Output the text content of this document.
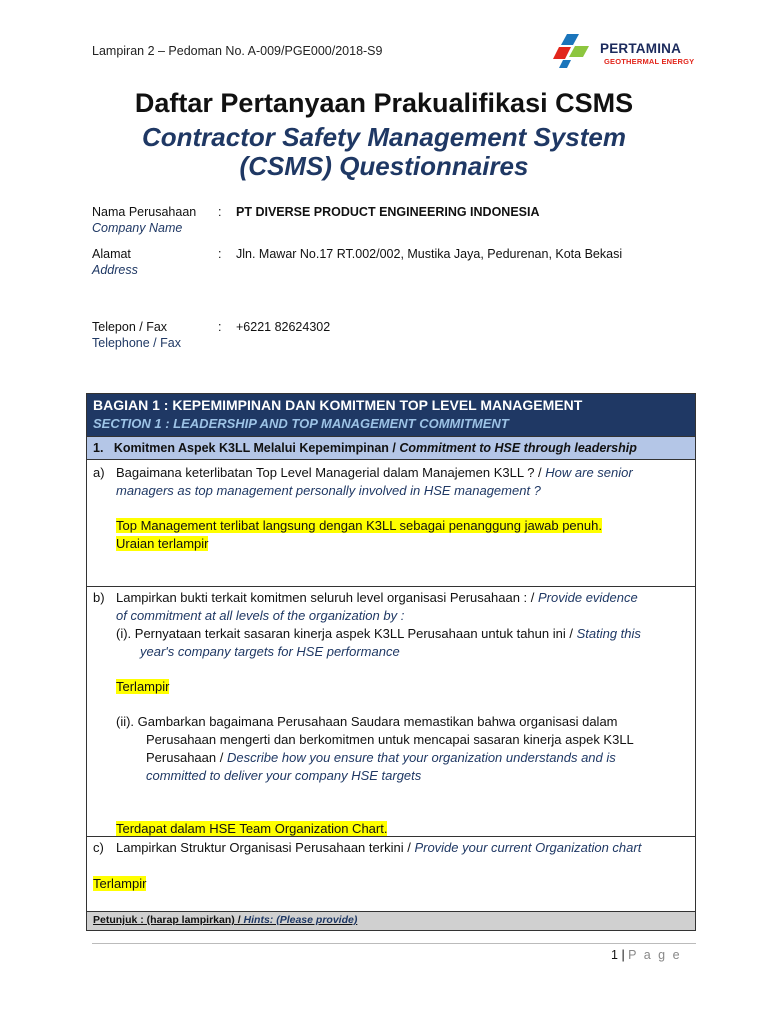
Lampiran 2 – Pedoman No. A-009/PGE000/2018-S9	PERTAMINA
GEOTHERMAL ENERGY
Daftar Pertanyaan Prakualifikasi CSMS
Contractor Safety Management System
(CSMS) Questionnaires
Nama Perusahaan
Company Name
: PT DIVERSE PRODUCT ENGINEERING INDONESIA
Alamat
Address
: Jln. Mawar No.17 RT.002/002, Mustika Jaya, Pedurenan, Kota Bekasi
Telepon / Fax
Telephone / Fax
: +6221 82624302
BAGIAN 1 : KEPEMIMPINAN DAN KOMITMEN TOP LEVEL MANAGEMENT
SECTION 1 : LEADERSHIP AND TOP MANAGEMENT COMMITMENT
1. Komitmen Aspek K3LL Melalui Kepemimpinan / Commitment to HSE through leadership
a) Bagaimana keterlibatan Top Level Managerial dalam Manajemen K3LL ? / How are senior
managers as top management personally involved in HSE management ?
Top Management terlibat langsung dengan K3LL sebagai penanggung jawab penuh.
Uraian terlampir
b) Lampirkan bukti terkait komitmen seluruh level organisasi Perusahaan : / Provide evidence
of commitment at all levels of the organization by :
(i). Pernyataan terkait sasaran kinerja aspek K3LL Perusahaan untuk tahun ini / Stating this
year's company targets for HSE performance
Terlampir
(ii). Gambarkan bagaimana Perusahaan Saudara memastikan bahwa organisasi dalam
Perusahaan mengerti dan berkomitmen untuk mencapai sasaran kinerja aspek K3LL
Perusahaan / Describe how you ensure that your organization understands and is
committed to deliver your company HSE targets
Terdapat dalam HSE Team Organization Chart.
c) Lampirkan Struktur Organisasi Perusahaan terkini / Provide your current Organization chart
Terlampir
Petunjuk : (harap lampirkan) / Hints: (Please provide)
1 | P a g e
